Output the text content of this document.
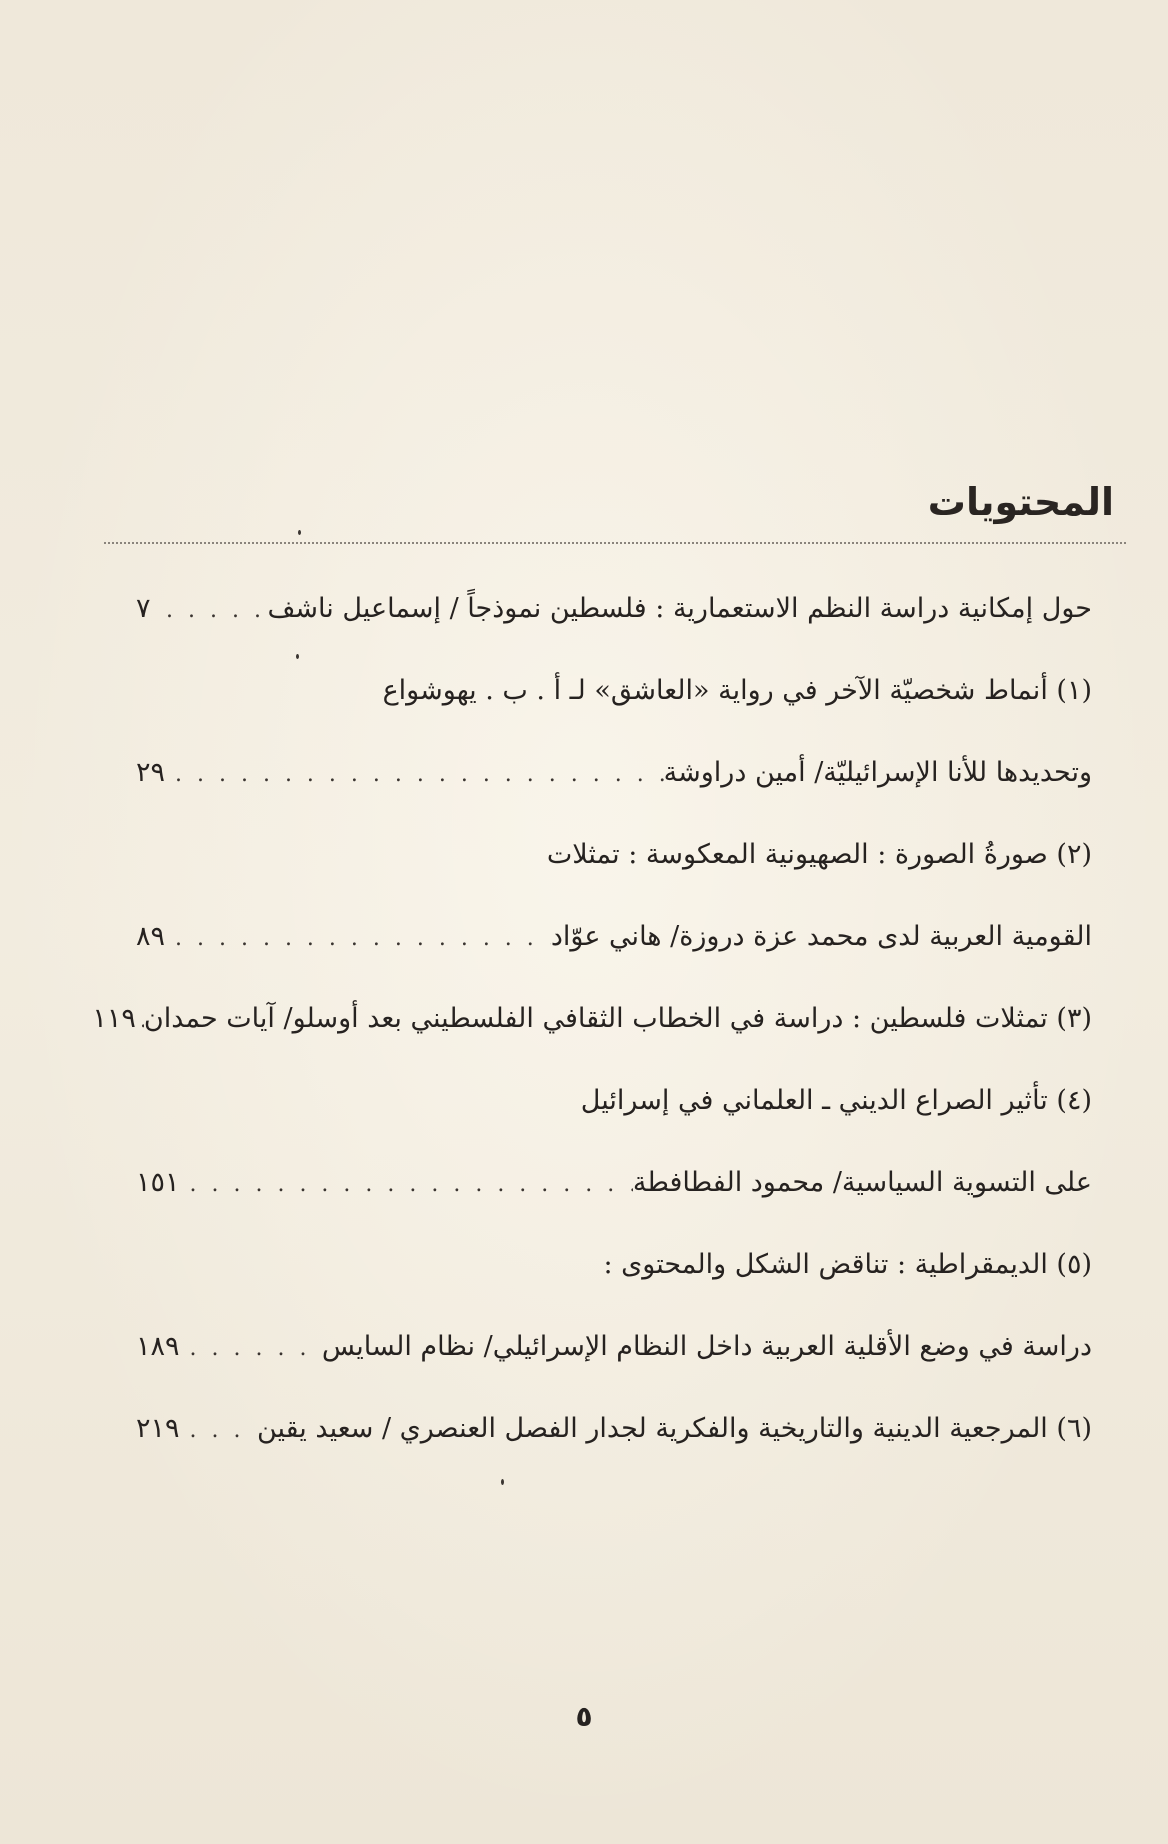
المحتويات
حول إمكانية دراسة النظم الاستعمارية : فلسطين نموذجاً / إسماعيل ناشف
. . .
٧
(١) أنماط شخصيّة الآخر في رواية «العاشق» لـ أ . ب . يهوشواع
وتحديدها للأنا الإسرائيليّة/ أمين دراوشة
. . .
٢٩
(٢) صورةُ الصورة : الصهيونية المعكوسة : تمثلات
القومية العربية لدى محمد عزة دروزة/ هاني عوّاد
. . .
٨٩
(٣) تمثلات فلسطين : دراسة في الخطاب الثقافي الفلسطيني بعد أوسلو/ آيات حمدان
. . .
١١٩
(٤) تأثير الصراع الديني ـ العلماني في إسرائيل
على التسوية السياسية/ محمود الفطافطة
. . .
١٥١
(٥) الديمقراطية : تناقض الشكل والمحتوى :
دراسة في وضع الأقلية العربية داخل النظام الإسرائيلي/ نظام السايس
. . .
١٨٩
(٦) المرجعية الدينية والتاريخية والفكرية لجدار الفصل العنصري / سعيد يقين
. . .
٢١٩
٥
